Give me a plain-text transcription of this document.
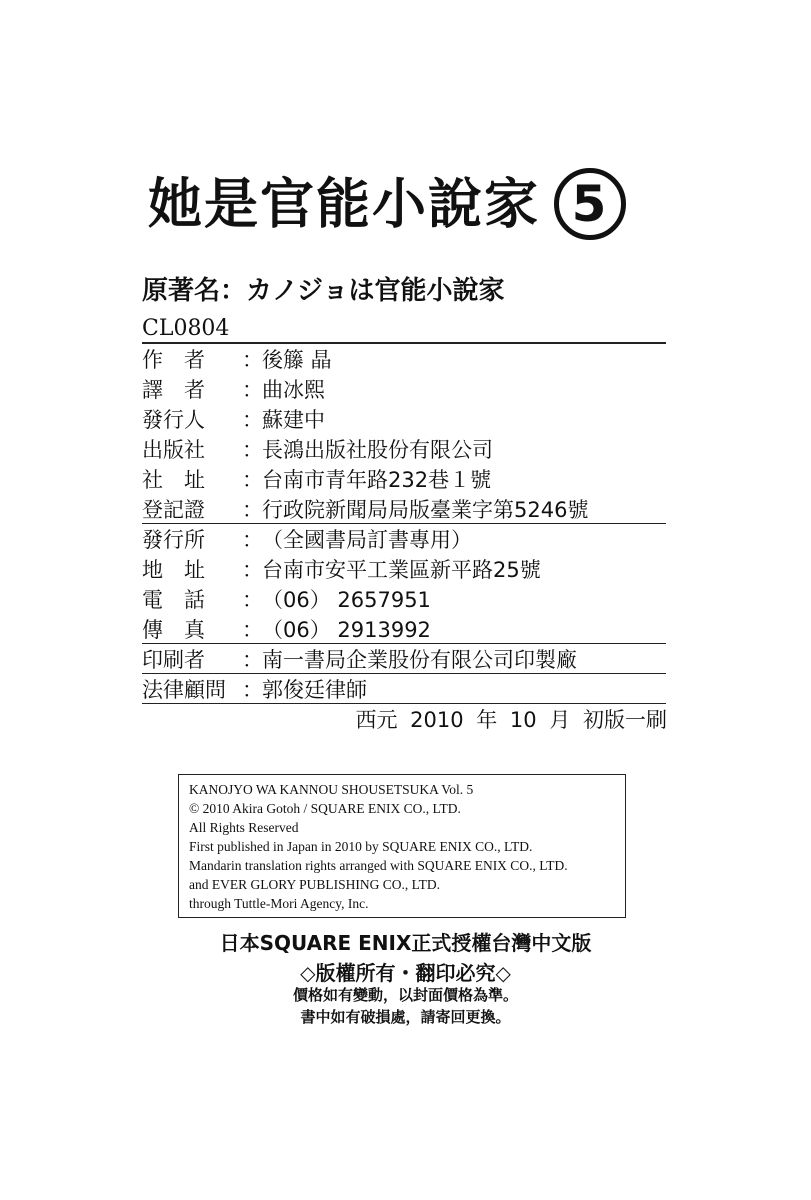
她是官能小說家 5
原著名：カノジョは官能小說家
CL0804
作　者	： 後籐 晶
譯　者	： 曲冰熙
發行人	： 蘇建中
出版社	： 長鴻出版社股份有限公司
社　址	： 台南市青年路232巷１號
登記證	： 行政院新聞局局版臺業字第5246號
發行所	： （全國書局訂書專用）
地　址	： 台南市安平工業區新平路25號
電　話	： （06） 2657951
傳　真	： （06） 2913992
印刷者	： 南一書局企業股份有限公司印製廠
法律顧問 ： 郭俊廷律師
西元 2010 年 10 月 初版一刷
KANOJYO WA KANNOU SHOUSETSUKA Vol. 5
© 2010 Akira Gotoh / SQUARE ENIX CO., LTD.
All Rights Reserved
First published in Japan in 2010 by SQUARE ENIX CO., LTD.
Mandarin translation rights arranged with SQUARE ENIX CO., LTD.
and EVER GLORY PUBLISHING CO., LTD.
through Tuttle-Mori Agency, Inc.
日本SQUARE ENIX正式授權台灣中文版
◇版權所有・翻印必究◇
價格如有變動，以封面價格為準。
書中如有破損處，請寄回更換。
